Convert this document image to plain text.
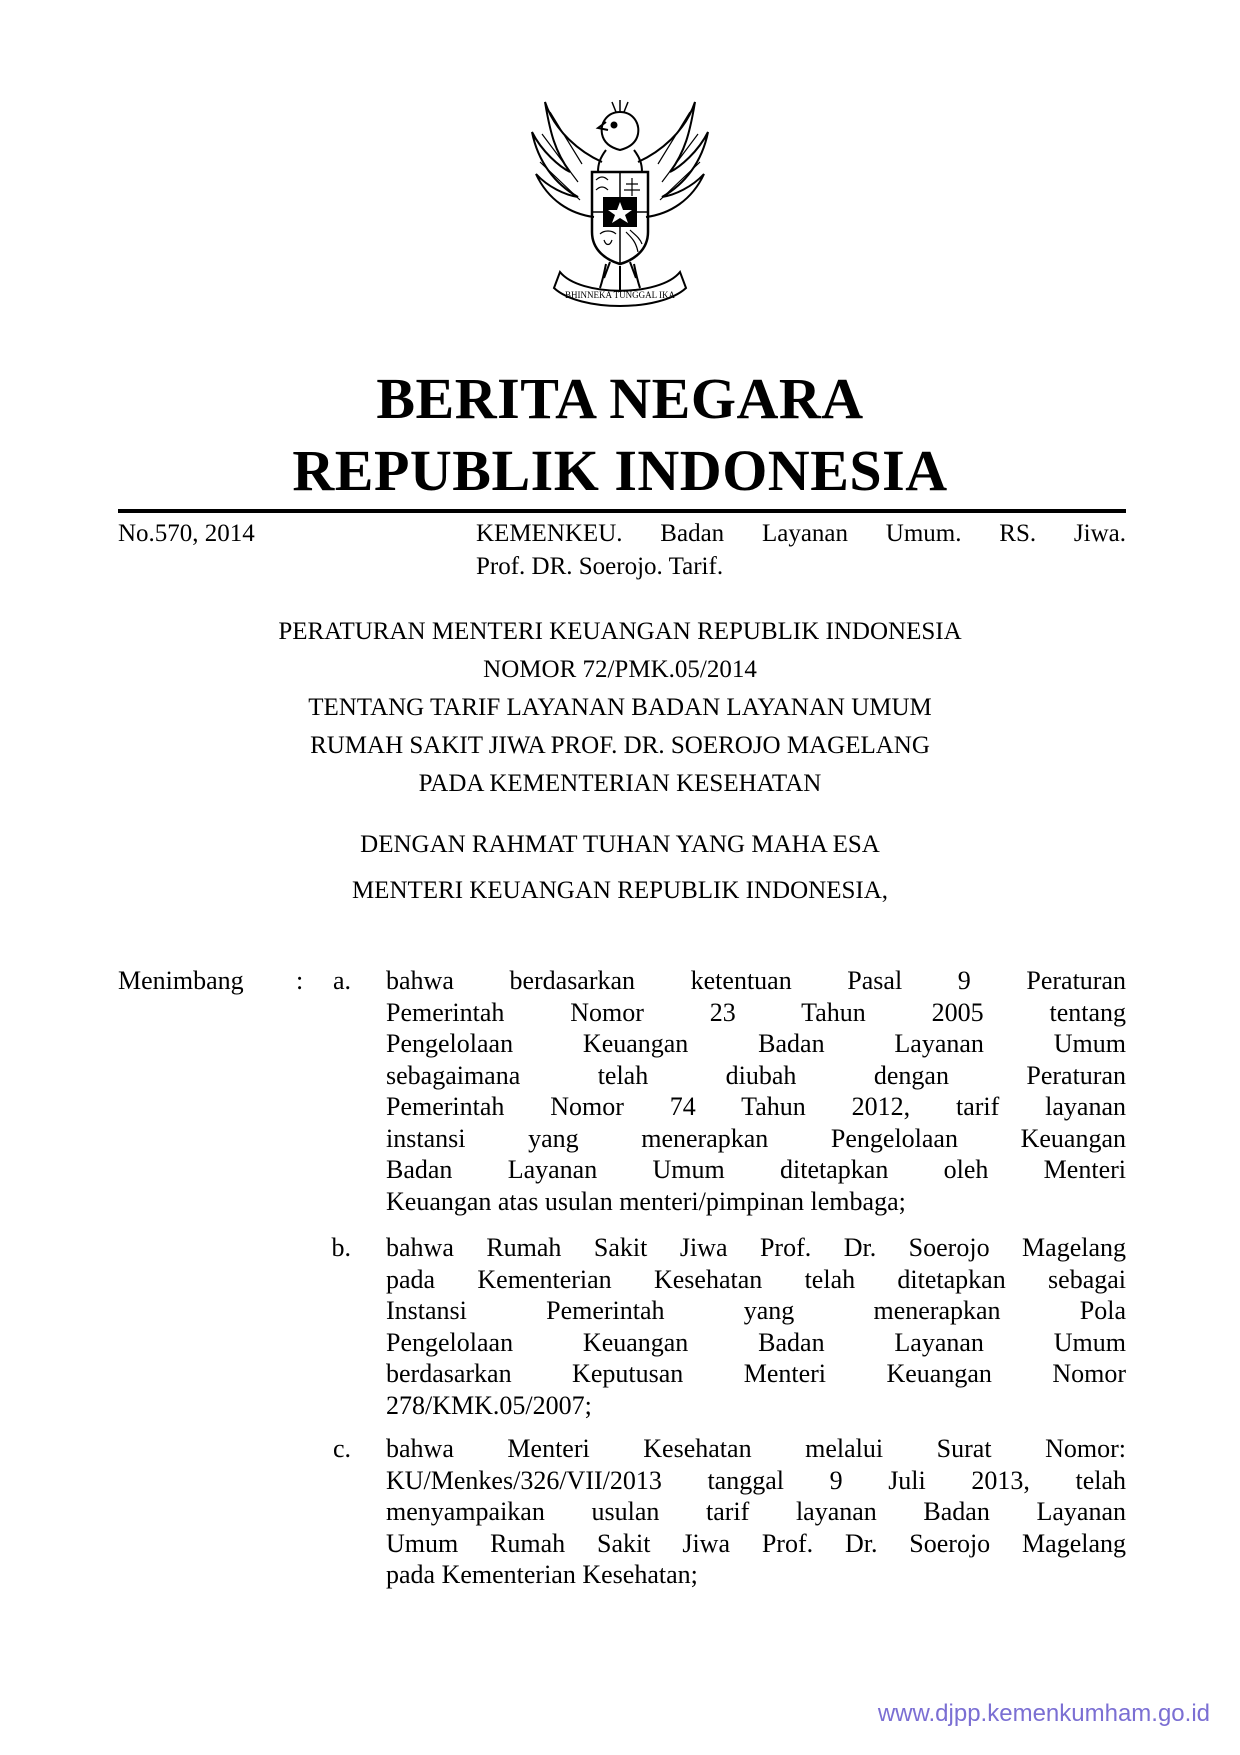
BHINNEKA TUNGGAL IKA
BERITA NEGARA
REPUBLIK INDONESIA
No.570, 2014	KEMENKEU. Badan Layanan Umum. RS. Jiwa.
Prof. DR. Soerojo. Tarif.
PERATURAN MENTERI KEUANGAN REPUBLIK INDONESIA
NOMOR 72/PMK.05/2014
TENTANG TARIF LAYANAN BADAN LAYANAN UMUM
RUMAH SAKIT JIWA PROF. DR. SOEROJO MAGELANG
PADA KEMENTERIAN KESEHATAN
DENGAN RAHMAT TUHAN YANG MAHA ESA
MENTERI KEUANGAN REPUBLIK INDONESIA,
Menimbang :	a. bahwa berdasarkan ketentuan Pasal 9 Peraturan
Pemerintah Nomor 23 Tahun 2005 tentang
Pengelolaan Keuangan Badan Layanan Umum
sebagaimana telah diubah dengan Peraturan
Pemerintah Nomor 74 Tahun 2012, tarif layanan
instansi yang menerapkan Pengelolaan Keuangan
Badan Layanan Umum ditetapkan oleh Menteri
Keuangan atas usulan menteri/pimpinan lembaga;
b. bahwa Rumah Sakit Jiwa Prof. Dr. Soerojo Magelang
pada Kementerian Kesehatan telah ditetapkan sebagai
Instansi Pemerintah yang menerapkan Pola
Pengelolaan Keuangan Badan Layanan Umum
berdasarkan Keputusan Menteri Keuangan Nomor
278/KMK.05/2007;
c. bahwa Menteri Kesehatan melalui Surat Nomor:
KU/Menkes/326/VII/2013 tanggal 9 Juli 2013, telah
menyampaikan usulan tarif layanan Badan Layanan
Umum Rumah Sakit Jiwa Prof. Dr. Soerojo Magelang
pada Kementerian Kesehatan;
www.djpp.kemenkumham.go.id
